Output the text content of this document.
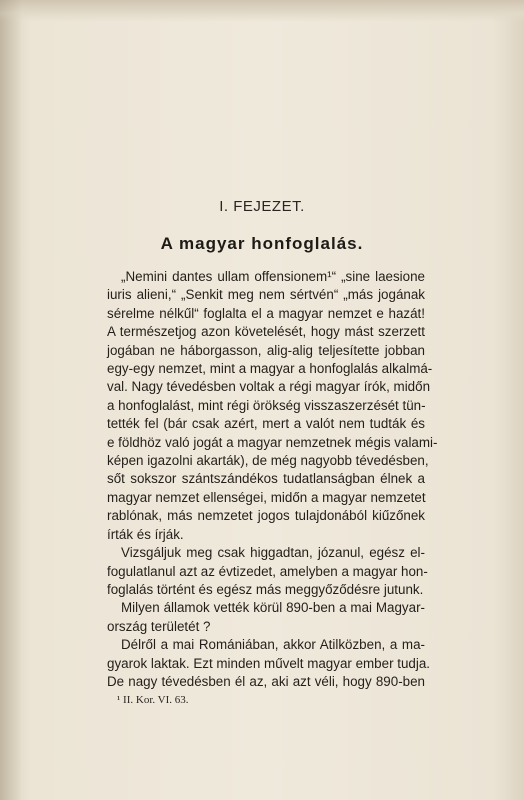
I. FEJEZET.
A magyar honfoglalás.
„Nemini dantes ullam offensionem¹“ „sine laesione
iuris alieni,“ „Senkit meg nem sértvén“ „más jogának
sérelme nélkűl“ foglalta el a magyar nemzet e hazát!
A természetjog azon követelését, hogy mást szerzett
jogában ne háborgasson, alig-alig teljesítette jobban
egy-egy nemzet, mint a magyar a honfoglalás alkalmá-
val. Nagy tévedésben voltak a régi magyar írók, midőn
a honfoglalást, mint régi örökség visszaszerzését tün-
tették fel (bár csak azért, mert a valót nem tudták és
e földhöz való jogát a magyar nemzetnek mégis valami-
képen igazolni akarták), de még nagyobb tévedésben,
sőt sokszor szántszándékos tudatlanságban élnek a
magyar nemzet ellenségei, midőn a magyar nemzetet
rablónak, más nemzetet jogos tulajdonából kiűzőnek
írták és írják.
Vizsgáljuk meg csak higgadtan, józanul, egész el-
fogulatlanul azt az évtizedet, amelyben a magyar hon-
foglalás történt és egész más meggyőződésre jutunk.
Milyen államok vették körül 890-ben a mai Magyar-
ország területét ?
Délről a mai Romániában, akkor Atilközben, a ma-
gyarok laktak. Ezt minden művelt magyar ember tudja.
De nagy tévedésben él az, aki azt véli, hogy 890-ben
¹ II. Kor. VI. 63.
